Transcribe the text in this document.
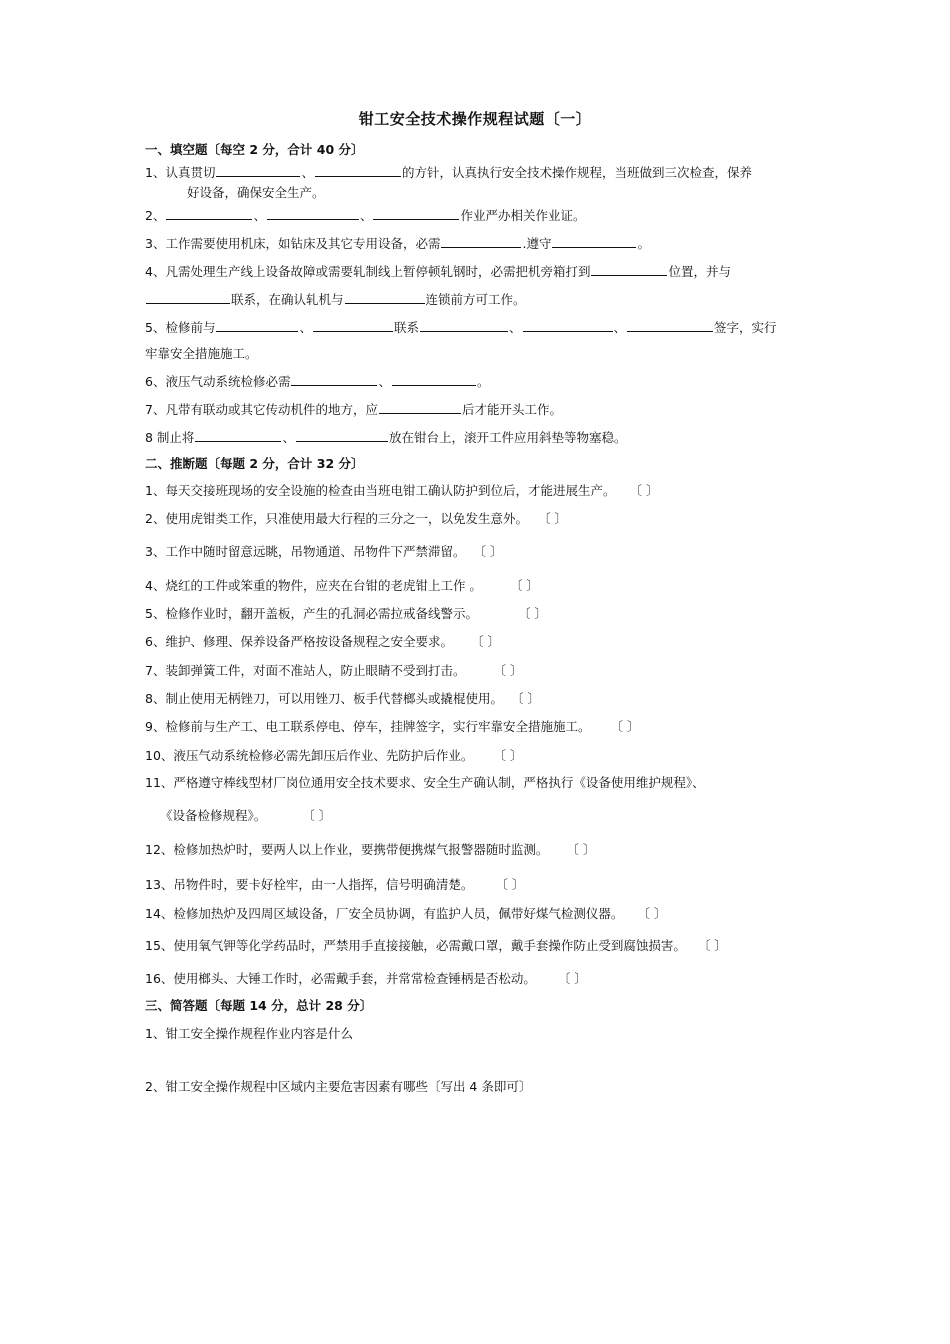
钳工安全技术操作规程试题〔一〕
一、填空题〔每空 2 分，合计 40 分〕
1、认真贯切	、	的方针，认真执行安全技术操作规程，当班做到三次检查，保养
好设备，确保安全生产。
2、	、	、	作业严办相关作业证。
3、工作需要使用机床，如钻床及其它专用设备，必需	.遵守	。
4、凡需处理生产线上设备故障或需要轧制线上暂停顿轧钢时，必需把机旁箱打到	位置，并与
联系，在确认轧机与	连锁前方可工作。
5、检修前与	、	联系	、	、	签字，实行
牢靠安全措施施工。
6、液压气动系统检修必需	、	。
7、凡带有联动或其它传动机件的地方，应	后才能开头工作。
8 制止将	、	放在钳台上，滚开工件应用斜垫等物塞稳。
二、推断题〔每题 2 分，合计 32 分〕
1、每天交接班现场的安全设施的检查由当班电钳工确认防护到位后，才能进展生产。 〔 〕
2、使用虎钳类工作，只准使用最大行程的三分之一，以免发生意外。 〔 〕
3、工作中随时留意远眺，吊物通道、吊物件下严禁滞留。 〔 〕
4、烧红的工件或笨重的物件，应夹在台钳的老虎钳上工作 。 〔 〕
5、检修作业时，翻开盖板，产生的孔洞必需拉戒备线警示。	〔 〕
6、维护、修理、保养设备严格按设备规程之安全要求。 〔 〕
7、装卸弹簧工件，对面不准站人，防止眼睛不受到打击。 〔 〕
8、制止使用无柄锉刀，可以用锉刀、板手代替榔头或撬棍使用。 〔 〕
9、检修前与生产工、电工联系停电、停车，挂牌签字，实行牢靠安全措施施工。 〔 〕
10、液压气动系统检修必需先卸压后作业、先防护后作业。 〔 〕
11、严格遵守棒线型材厂岗位通用安全技术要求、安全生产确认制，严格执行《设备使用维护规程》、
《设备检修规程》。	〔 〕
12、检修加热炉时，要两人以上作业，要携带便携煤气报警器随时监测。 〔 〕
13、吊物件时，要卡好栓牢，由一人指挥，信号明确清楚。 〔 〕
14、检修加热炉及四周区域设备，厂安全员协调，有监护人员，佩带好煤气检测仪器。 〔 〕
15、使用氧气钾等化学药品时，严禁用手直接接触，必需戴口罩，戴手套操作防止受到腐蚀损害。 〔 〕
16、使用榔头、大锤工作时，必需戴手套，并常常检查锤柄是否松动。 〔 〕
三、简答题〔每题 14 分，总计 28 分〕
1、钳工安全操作规程作业内容是什么
2、钳工安全操作规程中区域内主要危害因素有哪些〔写出 4 条即可〕
